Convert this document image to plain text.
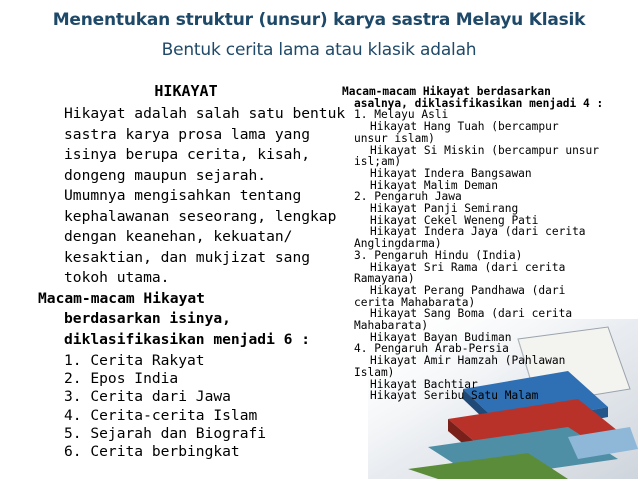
Menentukan struktur (unsur) karya sastra Melayu Klasik
Bentuk cerita lama atau klasik adalah
HIKAYAT
Hikayat adalah salah satu bentuk
sastra karya prosa lama yang
isinya berupa cerita, kisah,
dongeng maupun sejarah.
Umumnya mengisahkan tentang
kephalawanan seseorang, lengkap
dengan keanehan, kekuatan/
kesaktian, dan mukjizat sang
tokoh utama.
Macam-macam Hikayat
berdasarkan isinya,
diklasifikasikan menjadi 6 :
1. Cerita Rakyat
2. Epos India
3. Cerita dari Jawa
4. Cerita-cerita Islam
5. Sejarah dan Biografi
6. Cerita berbingkat
Macam-macam Hikayat berdasarkan
asalnya, diklasifikasikan menjadi 4 :
1. Melayu Asli
Hikayat Hang Tuah (bercampur
unsur islam)
Hikayat Si Miskin (bercampur unsur
isl;am)
Hikayat Indera Bangsawan
Hikayat Malim Deman
2. Pengaruh Jawa
Hikayat Panji Semirang
Hikayat Cekel Weneng Pati
Hikayat Indera Jaya (dari cerita
Anglingdarma)
3. Pengaruh Hindu (India)
Hikayat Sri Rama (dari cerita
Ramayana)
Hikayat Perang Pandhawa (dari
cerita Mahabarata)
Hikayat Sang Boma (dari cerita
Mahabarata)
Hikayat Bayan Budiman
4. Pengaruh Arab-Persia
Hikayat Amir Hamzah (Pahlawan
Islam)
Hikayat Bachtiar
Hikayat Seribu Satu Malam
